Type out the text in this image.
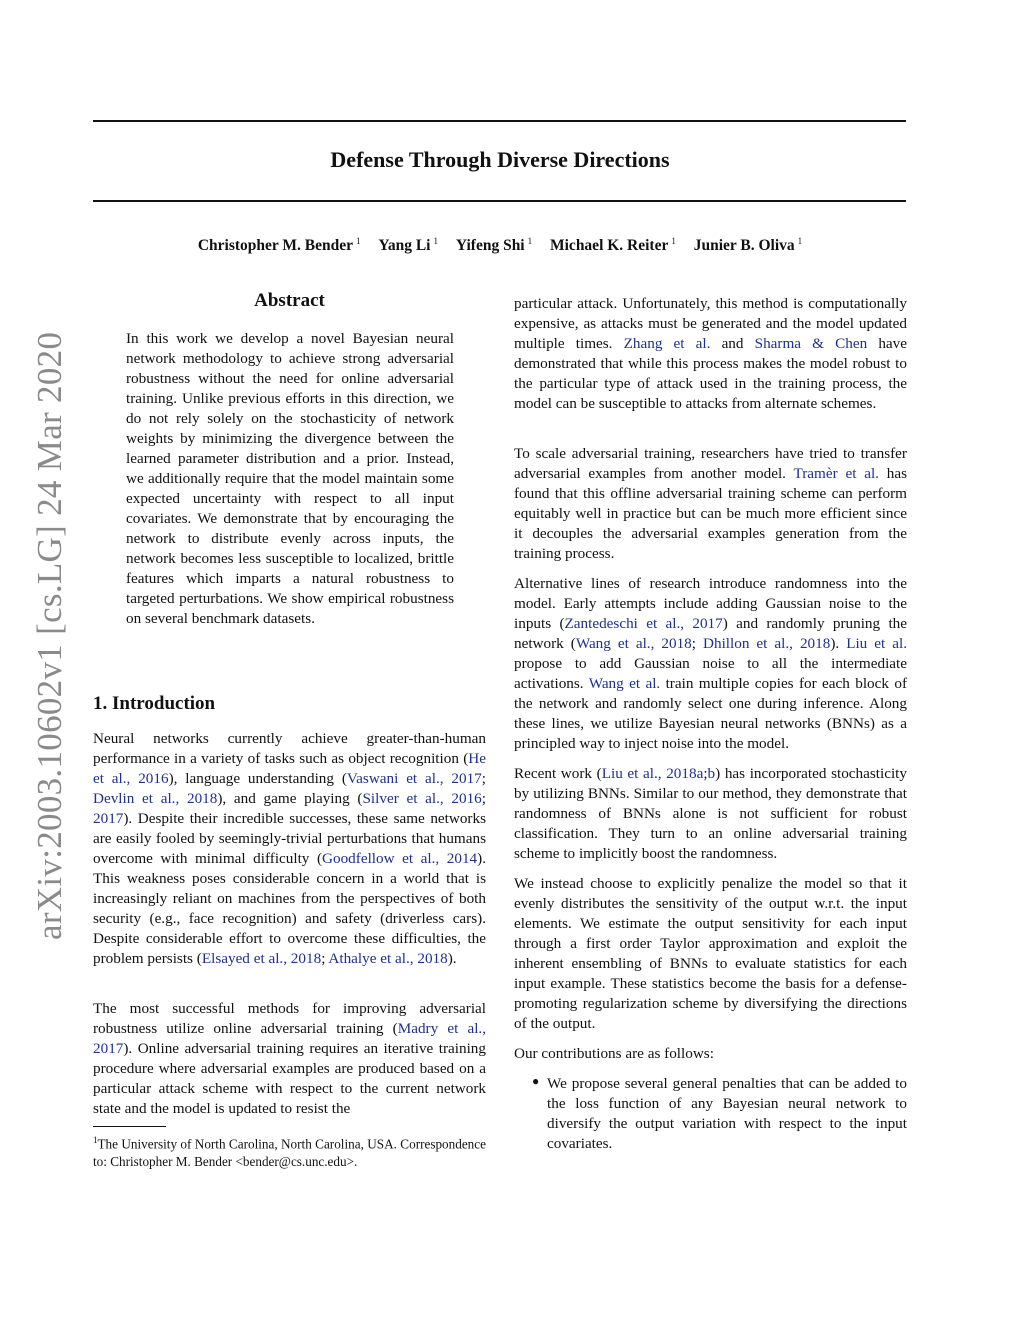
Defense Through Diverse Directions
Christopher M. Bender $^1$ Yang Li $^1$ Yifeng Shi $^1$ Michael K. Reiter $^1$ Junier B. Oliva $^1$
arXiv:2003.10602v1 [cs.LG] 24 Mar 2020
Abstract
In this work we develop a novel Bayesian neural network methodology to achieve strong adversarial robustness without the need for online adversarial training. Unlike previous efforts in this direction, we do not rely solely on the stochasticity of network weights by minimizing the divergence between the learned parameter distribution and a prior. Instead, we additionally require that the model maintain some expected uncertainty with respect to all input covariates. We demonstrate that by encouraging the network to distribute evenly across inputs, the network becomes less susceptible to localized, brittle features which imparts a natural robustness to targeted perturbations. We show empirical robustness on several benchmark datasets.
1. Introduction

Neural networks currently achieve greater-than-human performance in a variety of tasks such as object recognition (He et al., 2016), language understanding (Vaswani et al., 2017; Devlin et al., 2018), and game playing (Silver et al., 2016; 2017). Despite their incredible successes, these same networks are easily fooled by seemingly-trivial perturbations that humans overcome with minimal difficulty (Goodfellow et al., 2014). This weakness poses considerable concern in a world that is increasingly reliant on machines from the perspectives of both security (e.g., face recognition) and safety (driverless cars). Despite considerable effort to overcome these difficulties, the problem persists (Elsayed et al., 2018; Athalye et al., 2018).

The most successful methods for improving adversarial robustness utilize online adversarial training (Madry et al., 2017). Online adversarial training requires an iterative training procedure where adversarial examples are produced based on a particular attack scheme with respect to the current network state and the model is updated to resist the

$^1$The University of North Carolina, North Carolina, USA. Correspondence to: Christopher M. Bender <bender@cs.unc.edu>.

particular attack. Unfortunately, this method is computationally expensive, as attacks must be generated and the model updated multiple times. Zhang et al. and Sharma & Chen have demonstrated that while this process makes the model robust to the particular type of attack used in the training process, the model can be susceptible to attacks from alternate schemes.

To scale adversarial training, researchers have tried to transfer adversarial examples from another model. Tramèr et al. has found that this offline adversarial training scheme can perform equitably well in practice but can be much more efficient since it decouples the adversarial examples generation from the training process.

Alternative lines of research introduce randomness into the model. Early attempts include adding Gaussian noise to the inputs (Zantedeschi et al., 2017) and randomly pruning the network (Wang et al., 2018; Dhillon et al., 2018). Liu et al. propose to add Gaussian noise to all the intermediate activations. Wang et al. train multiple copies for each block of the network and randomly select one during inference. Along these lines, we utilize Bayesian neural networks (BNNs) as a principled way to inject noise into the model.

Recent work (Liu et al., 2018a;b) has incorporated stochasticity by utilizing BNNs. Similar to our method, they demonstrate that randomness of BNNs alone is not sufficient for robust classification. They turn to an online adversarial training scheme to implicitly boost the randomness.

We instead choose to explicitly penalize the model so that it evenly distributes the sensitivity of the output w.r.t. the input elements. We estimate the output sensitivity for each input through a first order Taylor approximation and exploit the inherent ensembling of BNNs to evaluate statistics for each input example. These statistics become the basis for a defense-promoting regularization scheme by diversifying the directions of the output.

Our contributions are as follows:

● We propose several general penalties that can be added to the loss function of any Bayesian neural network to diversify the output variation with respect to the input covariates.
